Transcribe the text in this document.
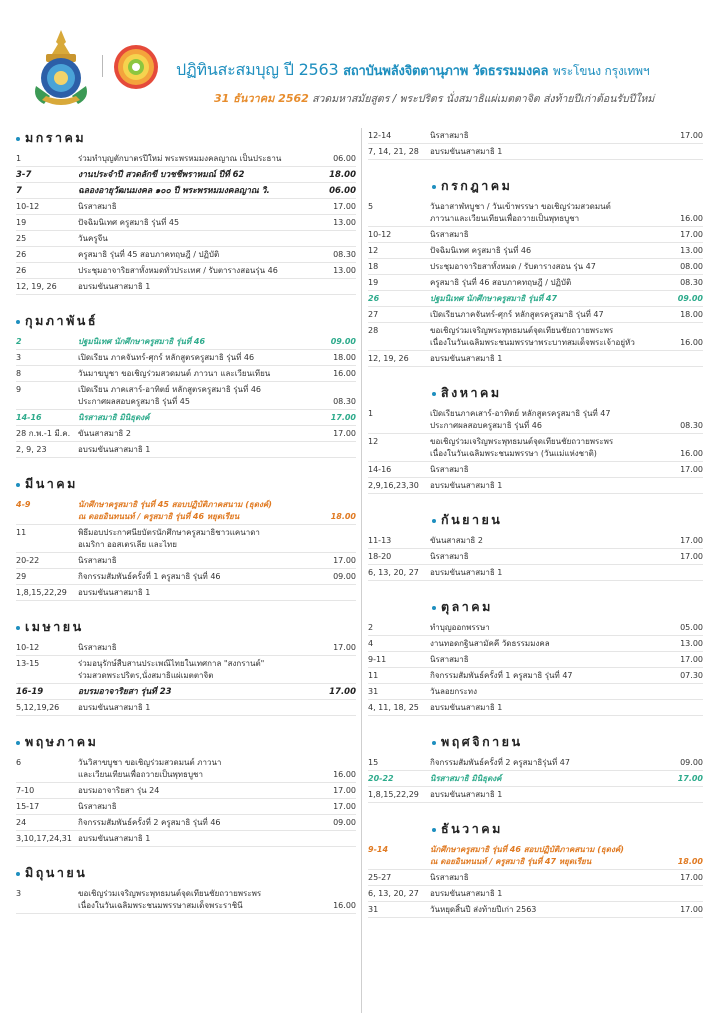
ปฏิทินสะสมบุญ ปี 2563 สถาบันพลังจิตตานุภาพ วัดธรรมมงคล พระโขนง กรุงเทพฯ
31 ธันวาคม 2562 สวดมหาสมัยสูตร / พระปริตร นั่งสมาธิแผ่เมตตาจิต ส่งท้ายปีเก่าต้อนรับปีใหม่
มกราคม
1	ร่วมทำบุญตักบาตรปีใหม่ พระพรหมมงคลญาณ เป็นประธาน	06.00
3-7	งานประจำปี สวดลักขี บวชชีพราหมณ์ ปีที่ 62	18.00
7	ฉลองอายุวัฒนมงคล ๑๐๐ ปี พระพรหมมงคลญาณ วิ.	06.00
10-12	นิรสาสมาธิ	17.00
19	ปัจฉิมนิเทศ ครูสมาธิ รุ่นที่ 45	13.00
25	วันครูจีน
26	ครูสมาธิ รุ่นที่ 45 สอบภาคทฤษฎี / ปฏิบัติ	08.30
26	ประชุมอาจาริยสาทั้งหมดทั่วประเทศ / รับตารางสอนรุ่น 46	13.00
12, 19, 26	อบรมขันนสาสมาธิ 1
กุมภาพันธ์
2	ปฐมนิเทศ นักศึกษาครูสมาธิ รุ่นที่ 46	09.00
3	เปิดเรียน ภาคจันทร์-ศุกร์ หลักสูตรครูสมาธิ รุ่นที่ 46	18.00
8	วันมาฆบูชา ขอเชิญร่วมสวดมนต์ ภาวนา และเวียนเทียน	16.00
9	เปิดเรียน ภาคเสาร์-อาทิตย์ หลักสูตรครูสมาธิ รุ่นที่ 46
ประกาศผลสอบครูสมาธิ รุ่นที่ 45	08.30
14-16	นิรสาสมาธิ มินิธุดงค์	17.00
28 ก.พ.-1 มี.ค. ขันนสาสมาธิ 2	17.00
2, 9, 23	อบรมขันนสาสมาธิ 1
มีนาคม
4-9	นักศึกษาครูสมาธิ รุ่นที่ 45 สอบปฏิบัติภาคสนาม (ธุดงค์)
ณ ดอยอินทนนท์ / ครูสมาธิ รุ่นที่ 46 หยุดเรียน	18.00
11	พิธีมอบประกาศนียบัตรนักศึกษาครูสมาธิชาวแคนาดา
อเมริกา ออสเตรเลีย และไทย
20-22	นิรสาสมาธิ	17.00
29	กิจกรรมสัมพันธ์ครั้งที่ 1 ครูสมาธิ รุ่นที่ 46	09.00
1,8,15,22,29	อบรมขันนสาสมาธิ 1
เมษายน
10-12	นิรสาสมาธิ	17.00
13-15	ร่วมอนุรักษ์สืบสานประเพณีไทยในเทศกาล "สงกรานต์"
ร่วมสวดพระปริตร,นั่งสมาธิแผ่เมตตาจิต
16-19	อบรมอาจาริยสา รุ่นที่ 23	17.00
5,12,19,26	อบรมขันนสาสมาธิ 1
พฤษภาคม
6	วันวิสาขบูชา ขอเชิญร่วมสวดมนต์ ภาวนา
และเวียนเทียนเพื่อถวายเป็นพุทธบูชา	16.00
7-10	อบรมอาจาริยสา รุ่น 24	17.00
15-17	นิรสาสมาธิ	17.00
24	กิจกรรมสัมพันธ์ครั้งที่ 2 ครูสมาธิ รุ่นที่ 46	09.00
3,10,17,24,31 อบรมขันนสาสมาธิ 1
มิถุนายน
3	ขอเชิญร่วมเจริญพระพุทธมนต์จุดเทียนชัยถวายพระพร
เนื่องในวันเฉลิมพระชนมพรรษาสมเด็จพระราชินี	16.00
12-14	นิรสาสมาธิ	17.00
7, 14, 21, 28	อบรมขันนสาสมาธิ 1
กรกฎาคม
5	วันอาสาฬหบูชา / วันเข้าพรรษา ขอเชิญร่วมสวดมนต์
ภาวนาและเวียนเทียนเพื่อถวายเป็นพุทธบูชา	16.00
10-12	นิรสาสมาธิ	17.00
12	ปัจฉิมนิเทศ ครูสมาธิ รุ่นที่ 46	13.00
18	ประชุมอาจาริยสาทั้งหมด / รับตารางสอน รุ่น 47	08.00
19	ครูสมาธิ รุ่นที่ 46 สอบภาคทฤษฎี / ปฏิบัติ	08.30
26	ปฐมนิเทศ นักศึกษาครูสมาธิ รุ่นที่ 47	09.00
27	เปิดเรียนภาคจันทร์-ศุกร์ หลักสูตรครูสมาธิ รุ่นที่ 47	18.00
28	ขอเชิญร่วมเจริญพระพุทธมนต์จุดเทียนชัยถวายพระพร
เนื่องในวันเฉลิมพระชนมพรรษาพระบาทสมเด็จพระเจ้าอยู่หัว	16.00
12, 19, 26	อบรมขันนสาสมาธิ 1
สิงหาคม
1	เปิดเรียนภาคเสาร์-อาทิตย์ หลักสูตรครูสมาธิ รุ่นที่ 47
ประกาศผลสอบครูสมาธิ รุ่นที่ 46	08.30
12	ขอเชิญร่วมเจริญพระพุทธมนต์จุดเทียนชัยถวายพระพร
เนื่องในวันเฉลิมพระชนมพรรษา (วันแม่แห่งชาติ)	16.00
14-16	นิรสาสมาธิ	17.00
2,9,16,23,30	อบรมขันนสาสมาธิ 1
กันยายน
11-13	ขันนสาสมาธิ 2	17.00
18-20	นิรสาสมาธิ	17.00
6, 13, 20, 27	อบรมขันนสาสมาธิ 1
ตุลาคม
2	ทำบุญออกพรรษา	05.00
4	งานทอดกฐินสามัคคี วัดธรรมมงคล	13.00
9-11	นิรสาสมาธิ	17.00
11	กิจกรรมสัมพันธ์ครั้งที่ 1 ครูสมาธิ รุ่นที่ 47	07.30
31	วันลอยกระทง
4, 11, 18, 25	อบรมขันนสาสมาธิ 1
พฤศจิกายน
15	กิจกรรมสัมพันธ์ครั้งที่ 2 ครูสมาธิรุ่นที่ 47	09.00
20-22	นิรสาสมาธิ มินิธุดงค์	17.00
1,8,15,22,29	อบรมขันนสาสมาธิ 1
ธันวาคม
9-14	นักศึกษาครูสมาธิ รุ่นที่ 46 สอบปฏิบัติภาคสนาม (ธุดงค์)
ณ ดอยอินทนนท์ / ครูสมาธิ รุ่นที่ 47 หยุดเรียน	18.00
25-27	นิรสาสมาธิ	17.00
6, 13, 20, 27	อบรมขันนสาสมาธิ 1
31	วันหยุดสิ้นปี ส่งท้ายปีเก่า 2563	17.00
